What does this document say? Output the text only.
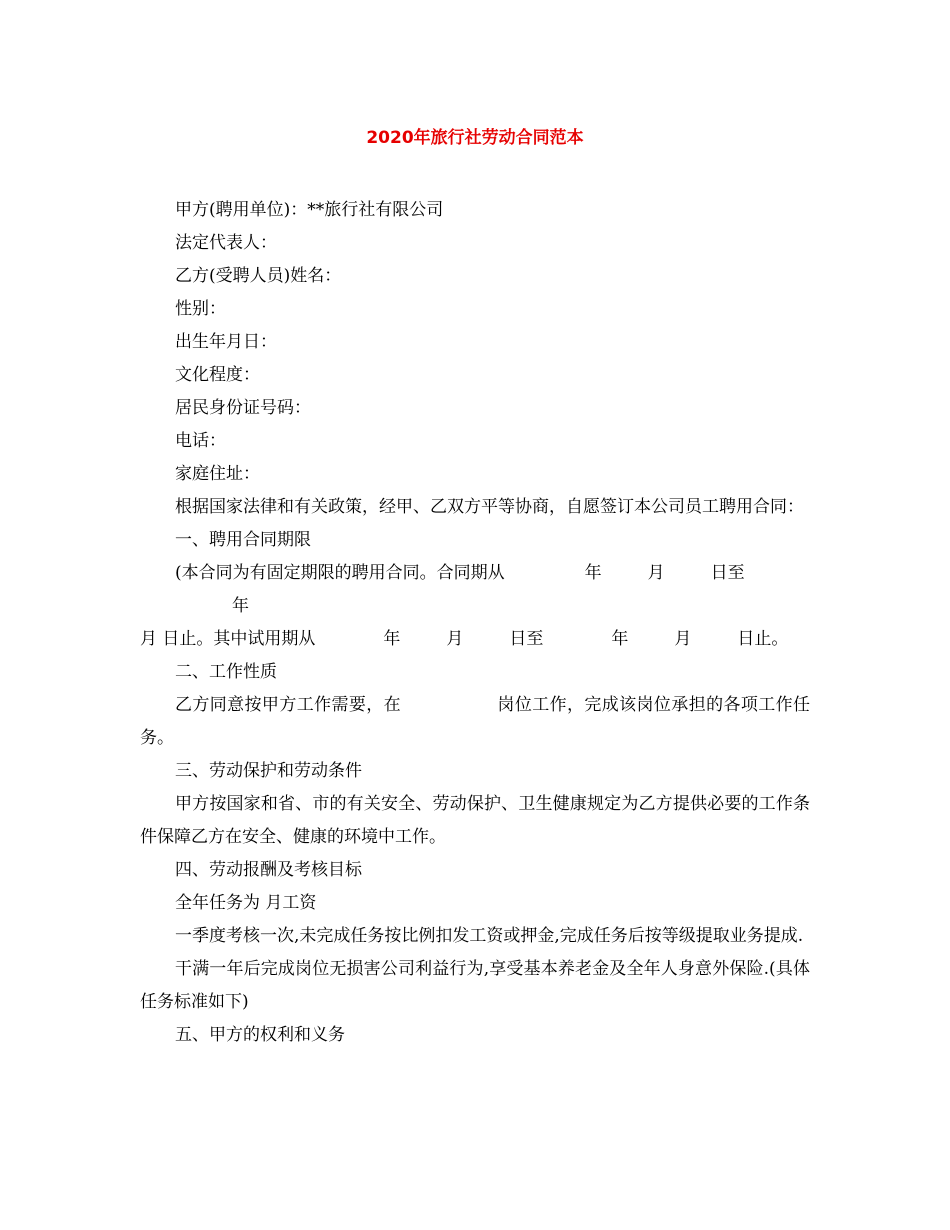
2020年旅行社劳动合同范本

甲方(聘用单位)：**旅行社有限公司

法定代表人：

乙方(受聘人员)姓名：

性别：

出生年月日：

文化程度：

居民身份证号码：

电话：

家庭住址：

根据国家法律和有关政策，经甲、乙双方平等协商，自愿签订本公司员工聘用合同：

一、聘用合同期限

(本合同为有固定期限的聘用合同。合同期从	年	月	日至年
月 日止。其中试用期从	年	月	日至	年	月	日止。

二、工作性质

乙方同意按甲方工作需要，在	岗位工作，完成该岗位承担的各项工作任务。

三、劳动保护和劳动条件

甲方按国家和省、市的有关安全、劳动保护、卫生健康规定为乙方提供必要的工作条件保障乙方在安全、健康的环境中工作。

四、劳动报酬及考核目标

全年任务为 月工资

一季度考核一次,未完成任务按比例扣发工资或押金,完成任务后按等级提取业务提成.

干满一年后完成岗位无损害公司利益行为,享受基本养老金及全年人身意外保险.(具体任务标准如下)

五、甲方的权利和义务
